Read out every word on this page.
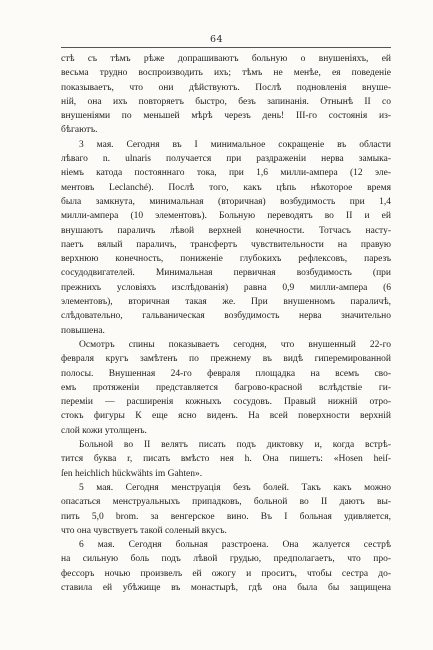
64
стѣ съ тѣмъ рѣже допрашиваютъ больную о внушеніяхъ, ей
весьма трудно воспроизводить ихъ; тѣмъ не менѣе, ея поведеніе
показываетъ, что они дѣйствуютъ. Послѣ подновленія внуше-
ній, она ихъ повторяетъ быстро, безъ запинанія. Отнынѣ II со
внушеніями по меньшей мѣрѣ черезъ день! III-го состоянія из-
бѣгаютъ.
3 мая. Сегодня въ I минимальное сокращеніе въ области
лѣваго n. ulnaris получается при раздраженіи нерва замыка-
ніемъ катода постояннаго тока, при 1,6 милли-ампера (12 эле-
ментовъ Leclanché). Послѣ того, какъ цѣпь нѣкоторое время
была замкнута, минимальная (вторичная) возбудимость при 1,4
милли-ампера (10 элементовъ). Больную переводятъ во II и ей
внушаютъ параличъ лѣвой верхней конечности. Тотчасъ насту-
паетъ вялый параличъ, трансфертъ чувствительности на правую
верхнюю конечность, пониженіе глубокихъ рефлексовъ, парезъ
сосудодвигателей. Минимальная первичная возбудимость (при
прежнихъ условіяхъ изслѣдованія) равна 0,9 милли-ампера (6
элементовъ), вторичная такая же. При внушенномъ параличѣ,
слѣдовательно, гальваническая возбудимость нерва значительно
повышена.
Осмотръ спины показываетъ сегодня, что внушенный 22-го
февраля кругъ замѣтенъ по прежнему въ видѣ гиперемированной
полосы. Внушенная 24-го февраля площадка на всемъ сво-
емъ протяженіи представляется багрово-красной вслѣдствіе ги-
перемiи — расширенія кожныхъ сосудовъ. Правый нижній отро-
стокъ фигуры К еще ясно виденъ. На всей поверхности верхній
слой кожи утолщенъ.
Больной во II велятъ писать подъ диктовку и, когда встрѣ-
тится буква r, писать вмѣсто нея h. Она пишетъ: «Hosen heiſ-
ſen heichlich hückwähts im Gahten».
5 мая. Сегодня менструація безъ болей. Такъ какъ можно
опасаться менструальныхъ припадковъ, больной во II даютъ вы-
пить 5,0 brom. за венгерское вино. Въ I больная удивляется,
что она чувствуетъ такой соленый вкусъ.
6 мая. Сегодня больная разстроена. Она жалуется сестрѣ
на сильную боль подъ лѣвой грудью, предполагаетъ, что про-
фессоръ ночью произвелъ ей ожогу и проситъ, чтобы сестра до-
ставила ей убѣжище въ монастырѣ, гдѣ она была бы защищена
